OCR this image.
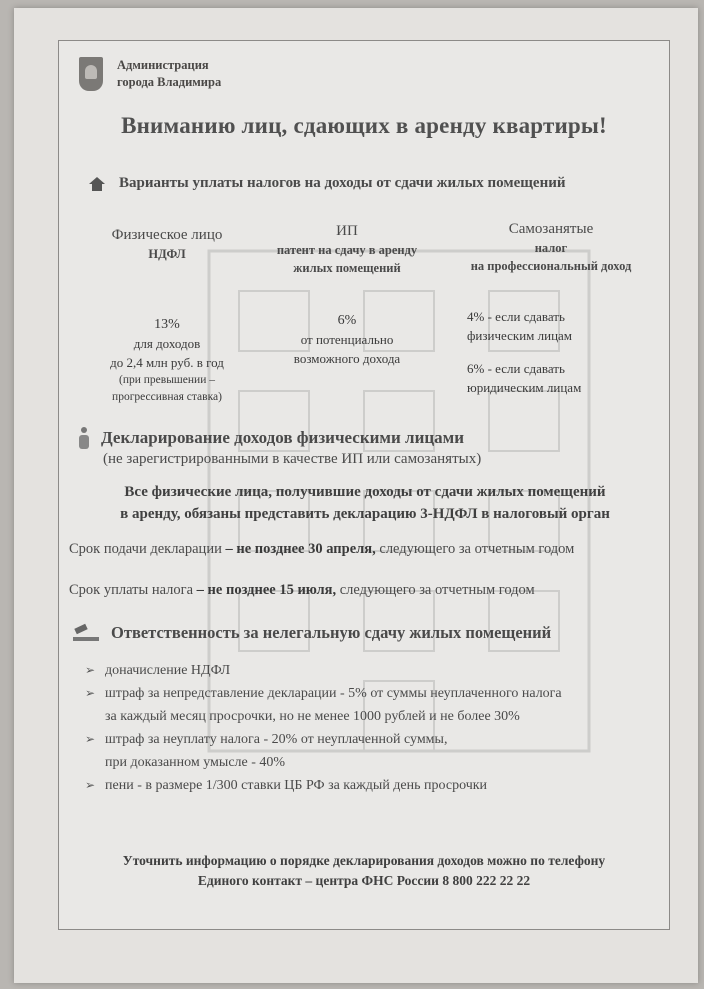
Администрация
города Владимира
Вниманию лиц, сдающих в аренду квартиры!
Варианты уплаты налогов на доходы от сдачи жилых помещений
Физическое лицо
НДФЛ
13%
для доходов
до 2,4 млн руб. в год
(при превышении –
прогрессивная ставка)
ИП
патент на сдачу в аренду
жилых помещений
6%
от потенциально
возможного дохода
Самозанятые
налог
на профессиональный доход
4% - если сдавать
физическим лицам
6% - если сдавать
юридическим лицам
Декларирование доходов физическими лицами
(не зарегистрированными в качестве ИП или самозанятых)
Все физические лица, получившие доходы от сдачи жилых помещений
в аренду, обязаны представить декларацию 3-НДФЛ в налоговый орган
Срок подачи декларации – не позднее 30 апреля, следующего за отчетным годом
Срок уплаты налога – не позднее 15 июля, следующего за отчетным годом
Ответственность за нелегальную сдачу жилых помещений
➢ доначисление НДФЛ
➢ штраф за непредставление декларации - 5% от суммы неуплаченного налога
за каждый месяц просрочки, но не менее 1000 рублей и не более 30%
➢ штраф за неуплату налога - 20% от неуплаченной суммы,
при доказанном умысле - 40%
➢ пени - в размере 1/300 ставки ЦБ РФ за каждый день просрочки
Уточнить информацию о порядке декларирования доходов можно по телефону
Единого контакт – центра ФНС России 8 800 222 22 22
